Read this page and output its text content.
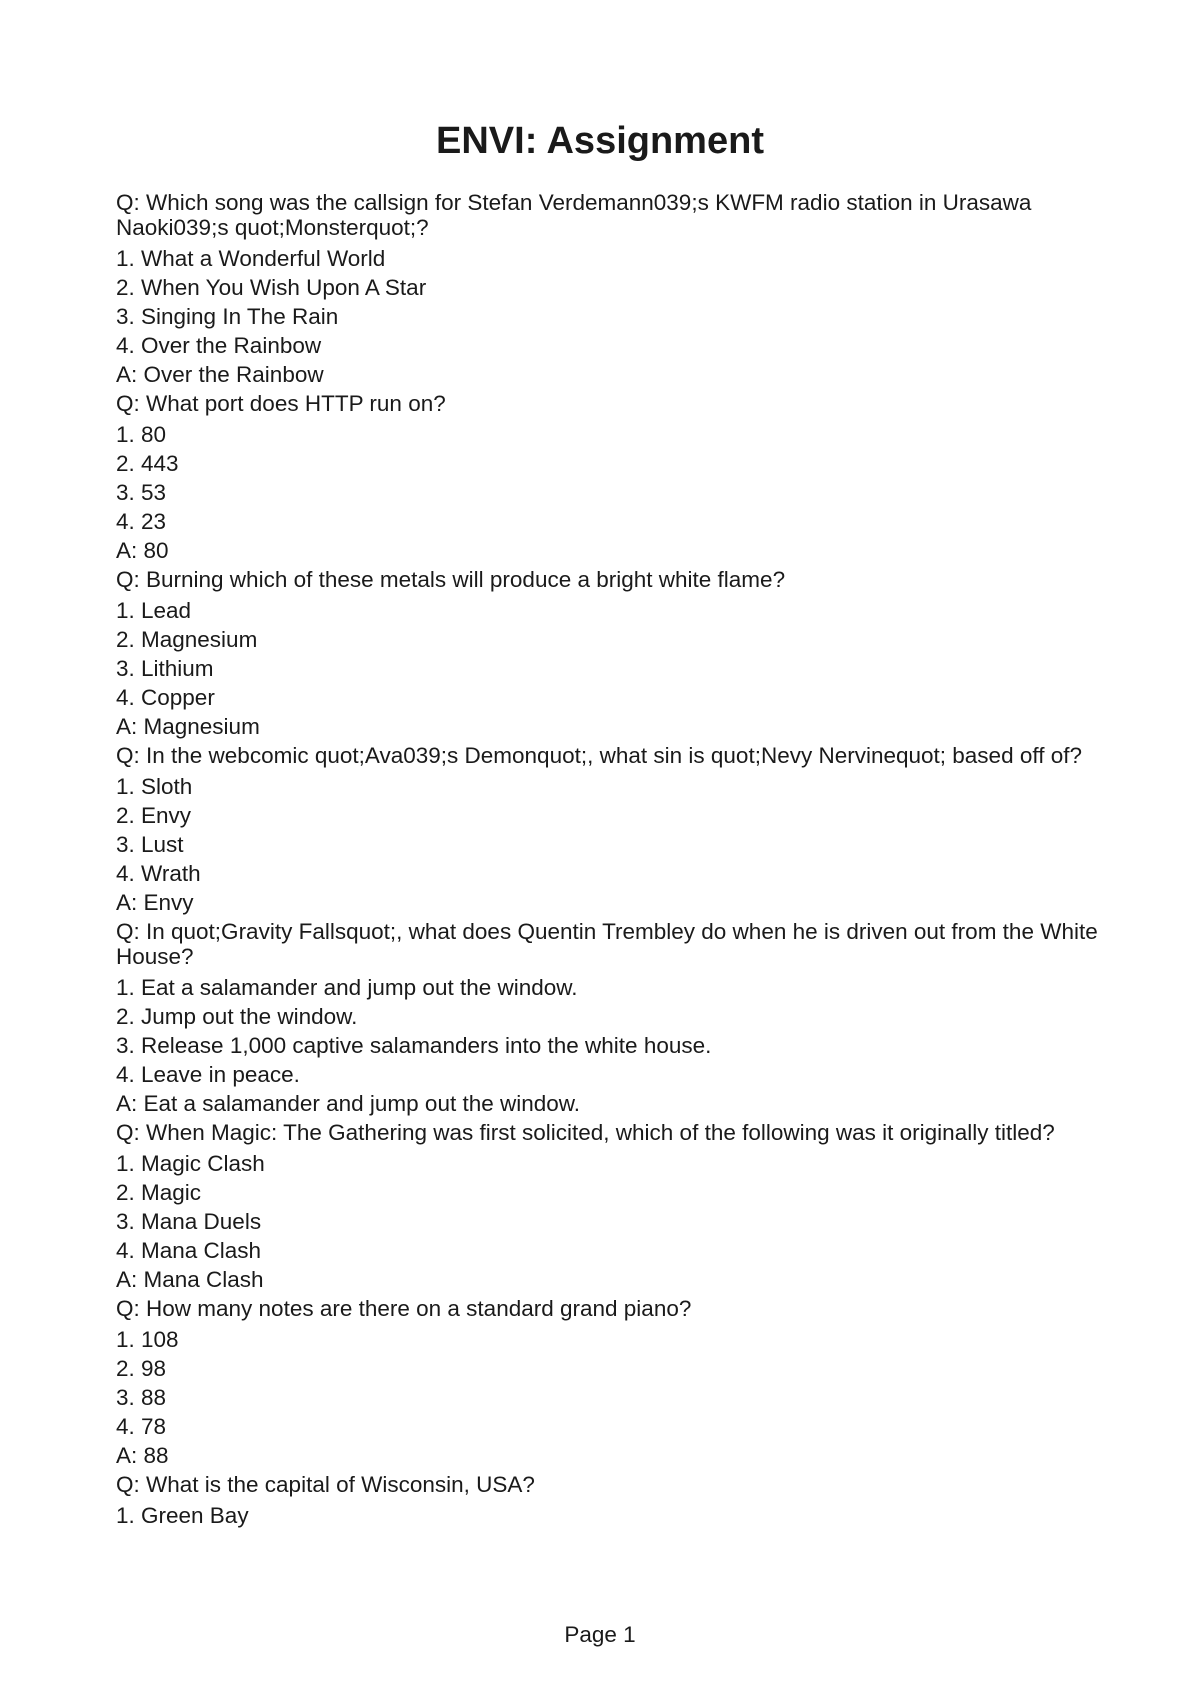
ENVI: Assignment

Q: Which song was the callsign for Stefan Verdemann039;s KWFM radio station in Urasawa Naoki039;s quot;Monsterquot;?

1. What a Wonderful World

2. When You Wish Upon A Star

3. Singing In The Rain

4. Over the Rainbow

A: Over the Rainbow

Q: What port does HTTP run on?

1. 80

2. 443

3. 53

4. 23

A: 80

Q: Burning which of these metals will produce a bright white flame?

1. Lead

2. Magnesium

3. Lithium

4. Copper

A: Magnesium

Q: In the webcomic quot;Ava039;s Demonquot;, what sin is quot;Nevy Nervinequot; based off of?

1. Sloth

2. Envy

3. Lust

4. Wrath

A: Envy

Q: In quot;Gravity Fallsquot;, what does Quentin Trembley do when he is driven out from the White House?

1. Eat a salamander and jump out the window.

2. Jump out the window.

3. Release 1,000 captive salamanders into the white house.

4. Leave in peace.

A: Eat a salamander and jump out the window.

Q: When Magic: The Gathering was first solicited, which of the following was it originally titled?

1. Magic Clash

2. Magic

3. Mana Duels

4. Mana Clash

A: Mana Clash

Q: How many notes are there on a standard grand piano?

1. 108

2. 98

3. 88

4. 78

A: 88

Q: What is the capital of Wisconsin, USA?

1. Green Bay

Page 1
